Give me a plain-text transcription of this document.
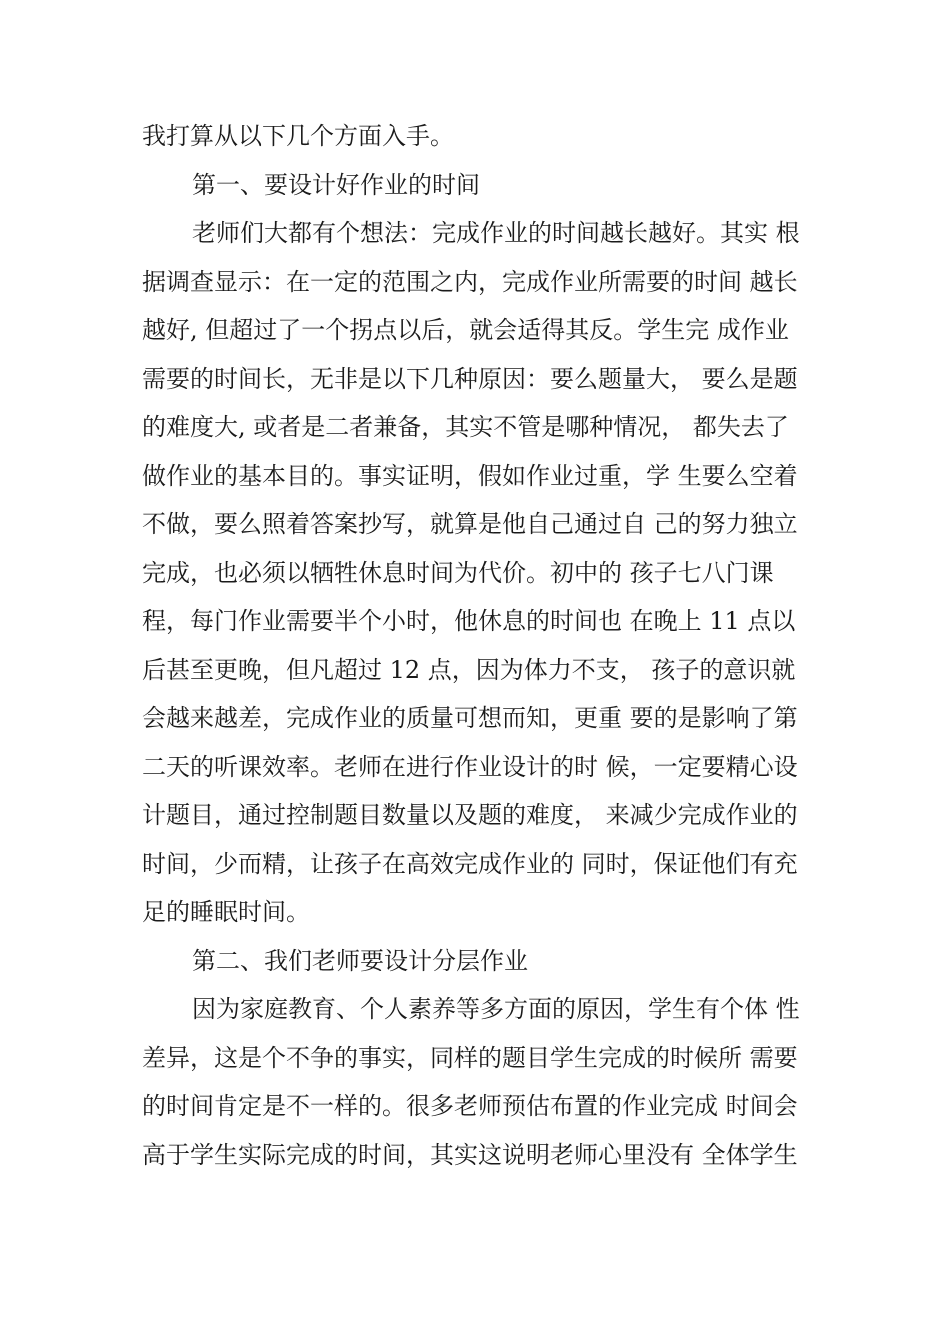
我打算从以下几个方面入手。

第一、要设计好作业的时间

老师们大都有个想法：完成作业的时间越长越好。其实 根

据调查显示：在一定的范围之内，完成作业所需要的时间 越长

越好, 但超过了一个拐点以后，就会适得其反。学生完 成作业

需要的时间长，无非是以下几种原因：要么题量大， 要么是题

的难度大, 或者是二者兼备，其实不管是哪种情况， 都失去了

做作业的基本目的。事实证明，假如作业过重，学 生要么空着

不做，要么照着答案抄写，就算是他自己通过自 己的努力独立

完成，也必须以牺牲休息时间为代价。初中的 孩子七八门课

程，每门作业需要半个小时，他休息的时间也 在晚上 11 点以

后甚至更晚，但凡超过 12 点，因为体力不支， 孩子的意识就

会越来越差，完成作业的质量可想而知，更重 要的是影响了第

二天的听课效率。老师在进行作业设计的时 候，一定要精心设

计题目，通过控制题目数量以及题的难度， 来减少完成作业的

时间，少而精，让孩子在高效完成作业的 同时，保证他们有充

足的睡眠时间。

第二、我们老师要设计分层作业

因为家庭教育、个人素养等多方面的原因，学生有个体 性

差异，这是个不争的事实，同样的题目学生完成的时候所 需要

的时间肯定是不一样的。很多老师预估布置的作业完成 时间会

高于学生实际完成的时间，其实这说明老师心里没有 全体学生
